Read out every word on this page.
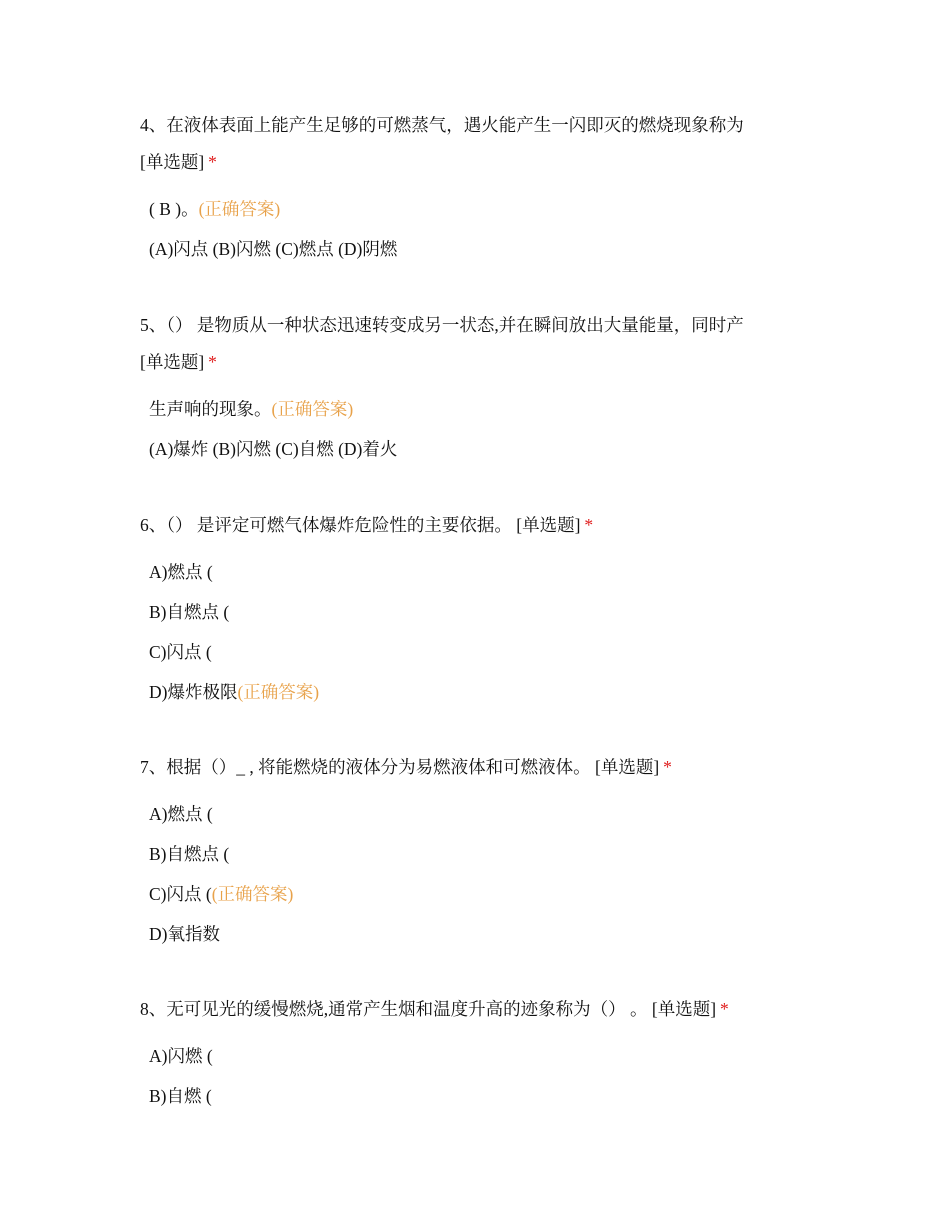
4、在液体表面上能产生足够的可燃蒸气，遇火能产生一闪即灭的燃烧现象称为
[单选题] *
( B )。(正确答案)
(A)闪点 (B)闪燃 (C)燃点 (D)阴燃
5、（） 是物质从一种状态迅速转变成另一状态,并在瞬间放出大量能量，同时产
[单选题] *
生声响的现象。(正确答案)
(A)爆炸 (B)闪燃 (C)自燃 (D)着火
6、（） 是评定可燃气体爆炸危险性的主要依据。 [单选题] *
A)燃点 (
B)自燃点 (
C)闪点 (
D)爆炸极限(正确答案)
7、根据（）_ , 将能燃烧的液体分为易燃液体和可燃液体。 [单选题] *
A)燃点 (
B)自燃点 (
C)闪点 ((正确答案)
D)氧指数
8、无可见光的缓慢燃烧,通常产生烟和温度升高的迹象称为（） 。 [单选题] *
A)闪燃 (
B)自燃 (
